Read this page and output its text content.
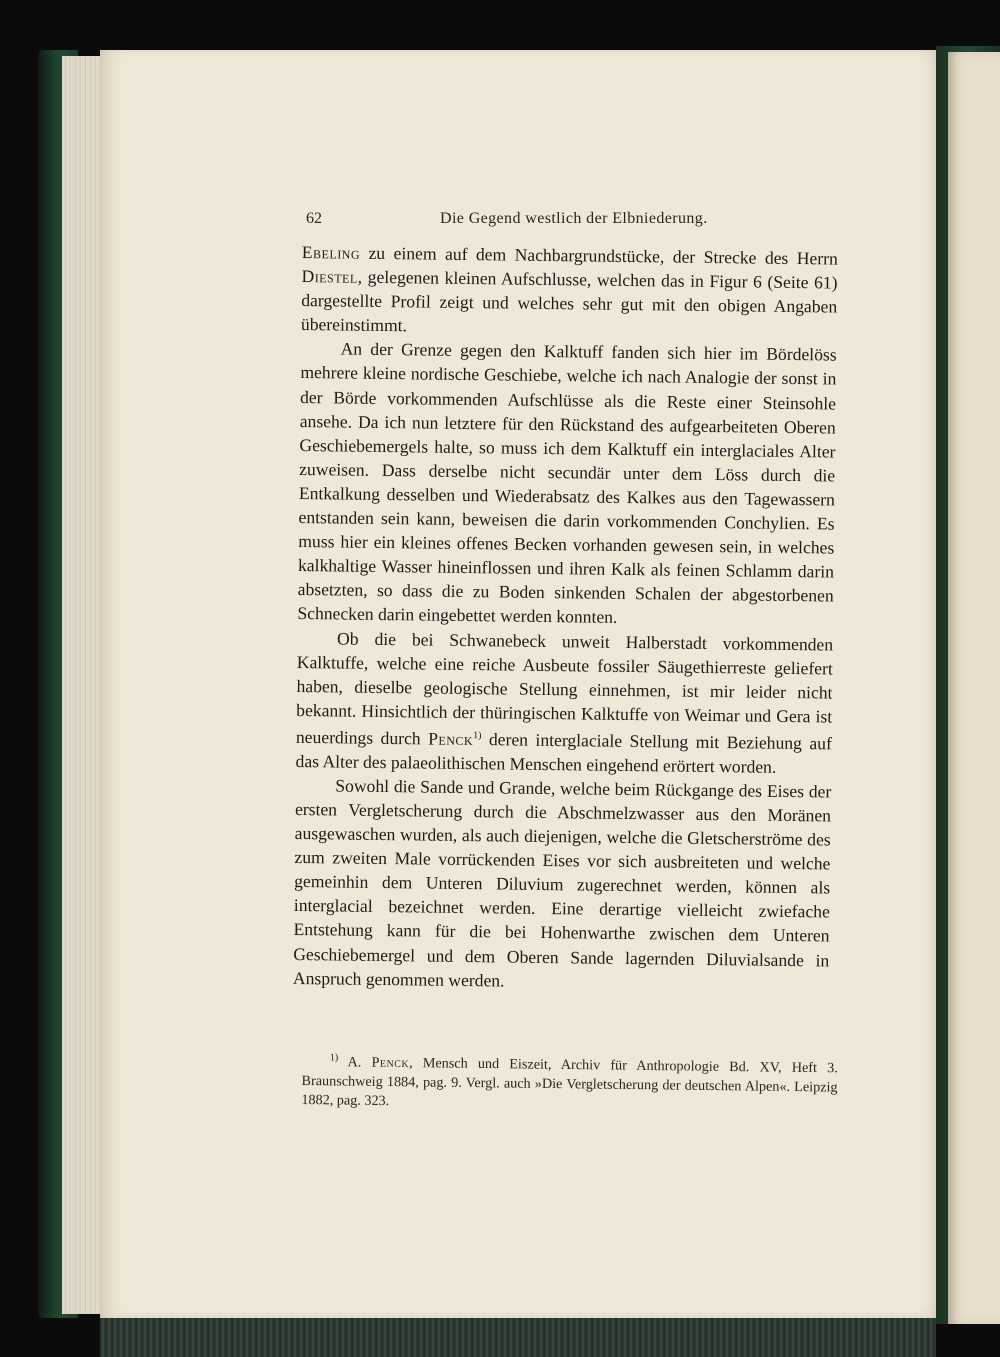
62	Die Gegend westlich der Elbniederung.

Ebeling zu einem auf dem Nachbargrundstücke, der Strecke des Herrn Diestel, gelegenen kleinen Aufschlusse, welchen das in Figur 6 (Seite 61) dargestellte Profil zeigt und welches sehr gut mit den obigen Angaben übereinstimmt.

An der Grenze gegen den Kalktuff fanden sich hier im Bördelöss mehrere kleine nordische Geschiebe, welche ich nach Analogie der sonst in der Börde vorkommenden Aufschlüsse als die Reste einer Steinsohle ansehe. Da ich nun letztere für den Rückstand des aufgearbeiteten Oberen Geschiebemergels halte, so muss ich dem Kalktuff ein interglaciales Alter zuweisen. Dass derselbe nicht secundär unter dem Löss durch die Entkalkung desselben und Wiederabsatz des Kalkes aus den Tagewassern entstanden sein kann, beweisen die darin vorkommenden Conchylien. Es muss hier ein kleines offenes Becken vorhanden gewesen sein, in welches kalkhaltige Wasser hineinflossen und ihren Kalk als feinen Schlamm darin absetzten, so dass die zu Boden sinkenden Schalen der abgestorbenen Schnecken darin eingebettet werden konnten.

Ob die bei Schwanebeck unweit Halberstadt vorkommenden Kalktuffe, welche eine reiche Ausbeute fossiler Säugethierreste geliefert haben, dieselbe geologische Stellung einnehmen, ist mir leider nicht bekannt. Hinsichtlich der thüringischen Kalktuffe von Weimar und Gera ist neuerdings durch Penck$^{1)}$ deren interglaciale Stellung mit Beziehung auf das Alter des palaeolithischen Menschen eingehend erörtert worden.

Sowohl die Sande und Grande, welche beim Rückgange des Eises der ersten Vergletscherung durch die Abschmelzwasser aus den Moränen ausgewaschen wurden, als auch diejenigen, welche die Gletscherströme des zum zweiten Male vorrückenden Eises vor sich ausbreiteten und welche gemeinhin dem Unteren Diluvium zugerechnet werden, können als interglacial bezeichnet werden. Eine derartige vielleicht zwiefache Entstehung kann für die bei Hohenwarthe zwischen dem Unteren Geschiebemergel und dem Oberen Sande lagernden Diluvialsande in Anspruch genommen werden.

$^{1)}$ A. Penck, Mensch und Eiszeit, Archiv für Anthropologie Bd. XV, Heft 3. Braunschweig 1884, pag. 9. Vergl. auch »Die Vergletscherung der deutschen Alpen«. Leipzig 1882, pag. 323.
